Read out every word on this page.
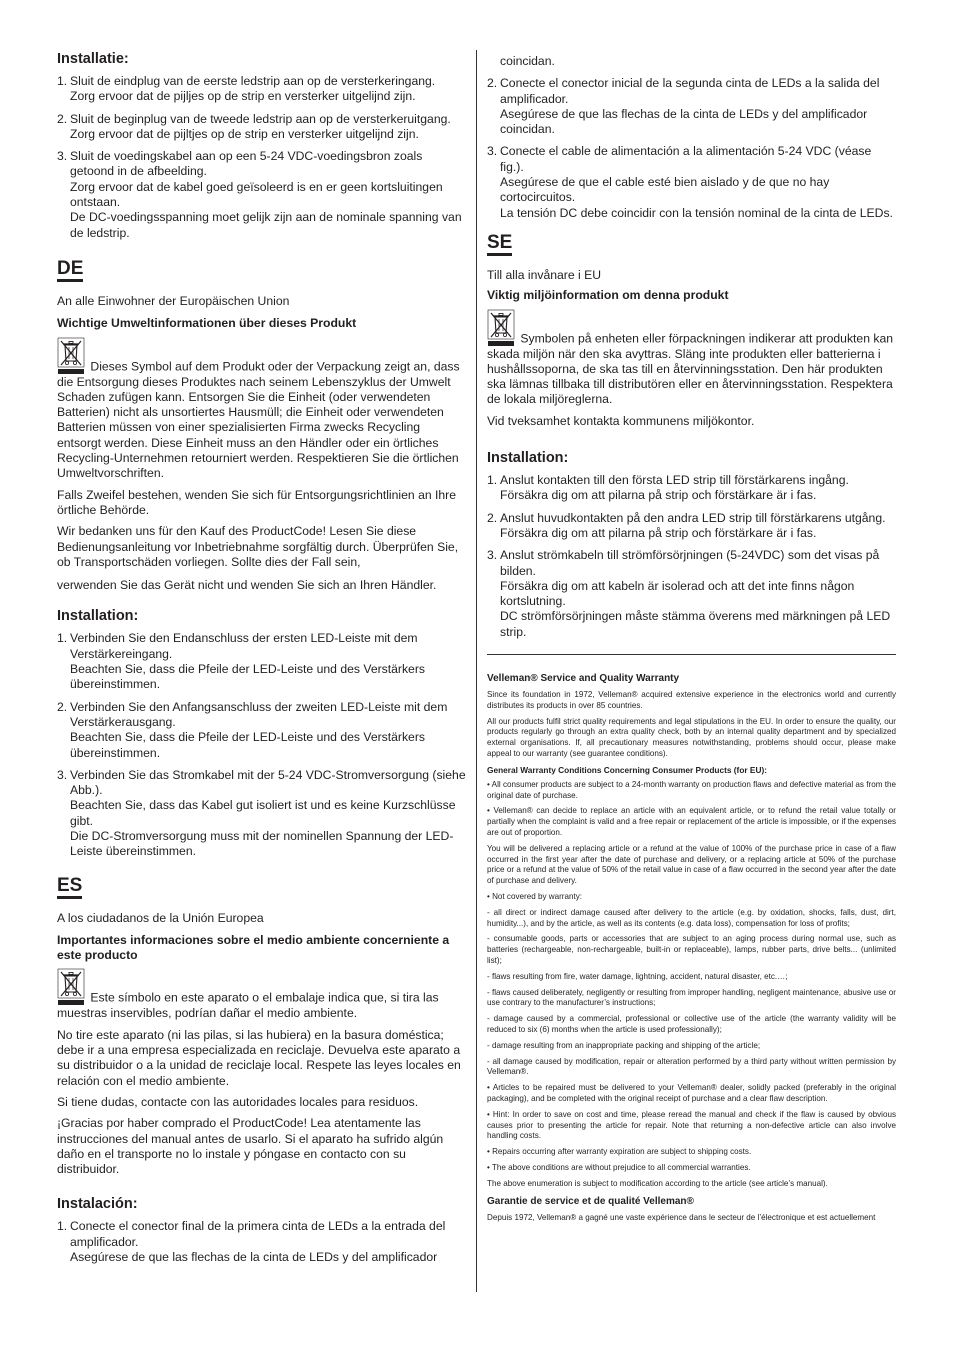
Installatie:
1. Sluit de eindplug van de eerste ledstrip aan op de versterkeringang.
Zorg ervoor dat de pijljes op de strip en versterker uitgelijnd zijn.
2. Sluit de beginplug van de tweede ledstrip aan op de versterkeruitgang.
Zorg ervoor dat de pijltjes op de strip en versterker uitgelijnd zijn.
3. Sluit de voedingskabel aan op een 5-24 VDC-voedingsbron zoals getoond in de afbeelding.
Zorg ervoor dat de kabel goed geïsoleerd is en er geen kortsluitingen ontstaan.
De DC-voedingsspanning moet gelijk zijn aan de nominale spanning van de ledstrip.
DE
An alle Einwohner der Europäischen Union
Wichtige Umweltinformationen über dieses Produkt
Dieses Symbol auf dem Produkt oder der Verpackung zeigt an, dass die Entsorgung dieses Produktes nach seinem Lebenszyklus der Umwelt Schaden zufügen kann. Entsorgen Sie die Einheit (oder verwendeten Batterien) nicht als unsortiertes Hausmüll; die Einheit oder verwendeten Batterien müssen von einer spezialisierten Firma zwecks Recycling entsorgt werden. Diese Einheit muss an den Händler oder ein örtliches Recycling-Unternehmen retourniert werden. Respektieren Sie die örtlichen Umweltvorschriften.
Falls Zweifel bestehen, wenden Sie sich für Entsorgungsrichtlinien an Ihre örtliche Behörde.
Wir bedanken uns für den Kauf des ProductCode! Lesen Sie diese Bedienungsanleitung vor Inbetriebnahme sorgfältig durch. Überprüfen Sie, ob Transportschäden vorliegen. Sollte dies der Fall sein,
verwenden Sie das Gerät nicht und wenden Sie sich an Ihren Händler.
Installation:
1. Verbinden Sie den Endanschluss der ersten LED-Leiste mit dem Verstärkereingang.
Beachten Sie, dass die Pfeile der LED-Leiste und des Verstärkers übereinstimmen.
2. Verbinden Sie den Anfangsanschluss der zweiten LED-Leiste mit dem Verstärkerausgang.
Beachten Sie, dass die Pfeile der LED-Leiste und des Verstärkers übereinstimmen.
3. Verbinden Sie das Stromkabel mit der 5-24 VDC-Stromversorgung (siehe Abb.).
Beachten Sie, dass das Kabel gut isoliert ist und es keine Kurzschlüsse gibt.
Die DC-Stromversorgung muss mit der nominellen Spannung der LED-Leiste übereinstimmen.
ES
A los ciudadanos de la Unión Europea
Importantes informaciones sobre el medio ambiente concerniente a este producto
Este símbolo en este aparato o el embalaje indica que, si tira las muestras inservibles, podrían dañar el medio ambiente.
No tire este aparato (ni las pilas, si las hubiera) en la basura doméstica; debe ir a una empresa especializada en reciclaje. Devuelva este aparato a su distribuidor o a la unidad de reciclaje local. Respete las leyes locales en relación con el medio ambiente.
Si tiene dudas, contacte con las autoridades locales para residuos.
¡Gracias por haber comprado el ProductCode! Lea atentamente las instrucciones del manual antes de usarlo. Si el aparato ha sufrido algún daño en el transporte no lo instale y póngase en contacto con su distribuidor.
Instalación:
1. Conecte el conector final de la primera cinta de LEDs a la entrada del amplificador.
Asegúrese de que las flechas de la cinta de LEDs y del amplificador
coincidan.
2. Conecte el conector inicial de la segunda cinta de LEDs a la salida del amplificador.
Asegúrese de que las flechas de la cinta de LEDs y del amplificador coincidan.
3. Conecte el cable de alimentación a la alimentación 5-24 VDC (véase fig.).
Asegúrese de que el cable esté bien aislado y de que no hay cortocircuitos.
La tensión DC debe coincidir con la tensión nominal de la cinta de LEDs.
SE
Till alla invånare i EU
Viktig miljöinformation om denna produkt
Symbolen på enheten eller förpackningen indikerar att produkten kan skada miljön när den ska avyttras. Släng inte produkten eller batterierna i hushållssoporna, de ska tas till en återvinningsstation. Den här produkten ska lämnas tillbaka till distributören eller en återvinningsstation. Respektera de lokala miljöreglerna.
Vid tveksamhet kontakta kommunens miljökontor.
Installation:
1. Anslut kontakten till den första LED strip till förstärkarens ingång.
Försäkra dig om att pilarna på strip och förstärkare är i fas.
2. Anslut huvudkontakten på den andra LED strip till förstärkarens utgång.
Försäkra dig om att pilarna på strip och förstärkare är i fas.
3. Anslut strömkabeln till strömförsörjningen (5-24VDC) som det visas på bilden.
Försäkra dig om att kabeln är isolerad och att det inte finns någon kortslutning.
DC strömförsörjningen måste stämma överens med märkningen på LED strip.
Velleman® Service and Quality Warranty
Since its foundation in 1972, Velleman® acquired extensive experience in the electronics world and currently distributes its products in over 85 countries.
All our products fulfil strict quality requirements and legal stipulations in the EU. In order to ensure the quality, our products regularly go through an extra quality check, both by an internal quality department and by specialized external organisations. If, all precautionary measures notwithstanding, problems should occur, please make appeal to our warranty (see guarantee conditions).
General Warranty Conditions Concerning Consumer Products (for EU):
• All consumer products are subject to a 24-month warranty on production flaws and defective material as from the original date of purchase.
• Velleman® can decide to replace an article with an equivalent article, or to refund the retail value totally or partially when the complaint is valid and a free repair or replacement of the article is impossible, or if the expenses are out of proportion.
You will be delivered a replacing article or a refund at the value of 100% of the purchase price in case of a flaw occurred in the first year after the date of purchase and delivery, or a replacing article at 50% of the purchase price or a refund at the value of 50% of the retail value in case of a flaw occurred in the second year after the date of purchase and delivery.
• Not covered by warranty:
- all direct or indirect damage caused after delivery to the article (e.g. by oxidation, shocks, falls, dust, dirt, humidity...), and by the article, as well as its contents (e.g. data loss), compensation for loss of profits;
- consumable goods, parts or accessories that are subject to an aging process during normal use, such as batteries (rechargeable, non-rechargeable, built-in or replaceable), lamps, rubber parts, drive belts... (unlimited list);
- flaws resulting from fire, water damage, lightning, accident, natural disaster, etc.…;
- flaws caused deliberately, negligently or resulting from improper handling, negligent maintenance, abusive use or use contrary to the manufacturer’s instructions;
- damage caused by a commercial, professional or collective use of the article (the warranty validity will be reduced to six (6) months when the article is used professionally);
- damage resulting from an inappropriate packing and shipping of the article;
- all damage caused by modification, repair or alteration performed by a third party without written permission by Velleman®.
• Articles to be repaired must be delivered to your Velleman® dealer, solidly packed (preferably in the original packaging), and be completed with the original receipt of purchase and a clear flaw description.
• Hint: In order to save on cost and time, please reread the manual and check if the flaw is caused by obvious causes prior to presenting the article for repair. Note that returning a non-defective article can also involve handling costs.
• Repairs occurring after warranty expiration are subject to shipping costs.
• The above conditions are without prejudice to all commercial warranties.
The above enumeration is subject to modification according to the article (see article’s manual).
Garantie de service et de qualité Velleman®
Depuis 1972, Velleman® a gagné une vaste expérience dans le secteur de l’électronique et est actuellement
